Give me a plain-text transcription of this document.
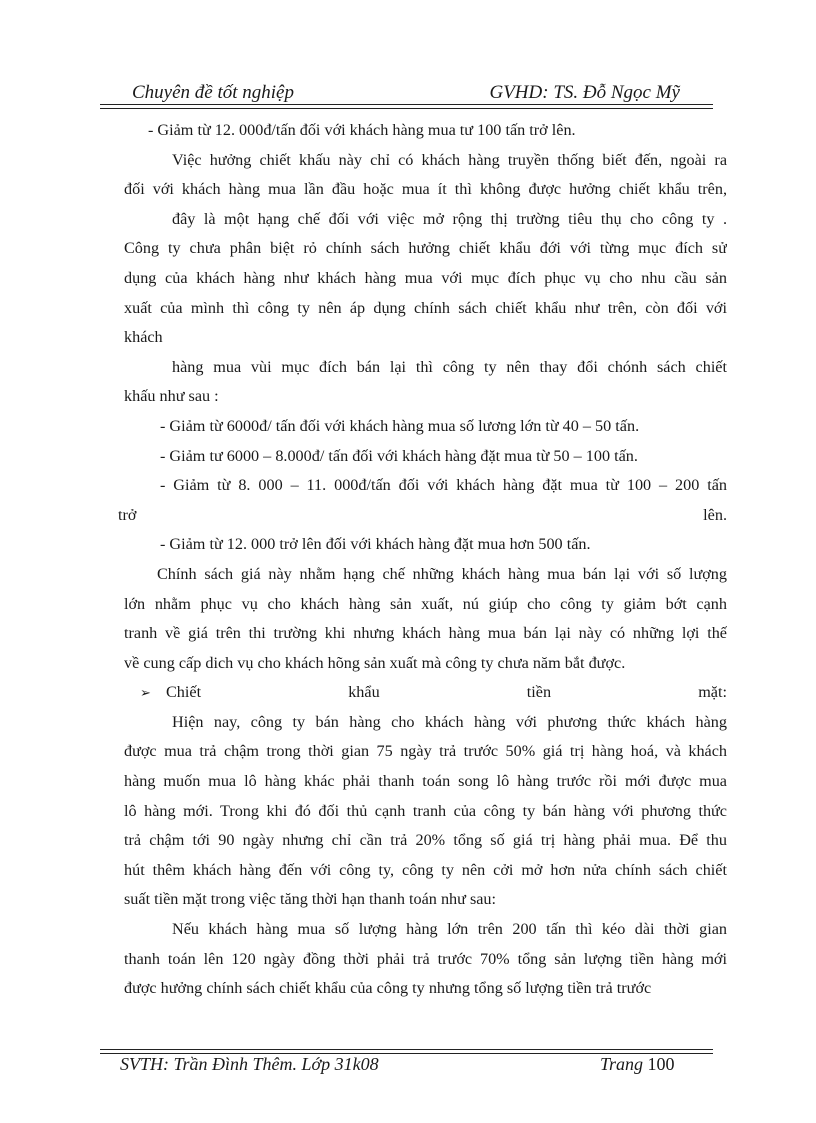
Chuyên đề tốt nghiệp	GVHD: TS. Đỗ Ngọc Mỹ
- Giảm từ 12. 000đ/tấn đối với khách hàng mua tư 100 tấn trở lên.
Việc hưởng chiết khấu này chỉ có khách hàng truyền thống biết đến, ngoài ra
đối với khách hàng mua lần đầu hoặc mua ít thì không được hưởng chiết khẩu trên,
đây là một hạng chế đối với việc mở rộng thị trường tiêu thụ cho công ty .
Công ty chưa phân biệt rỏ chính sách hưởng chiết khẩu đới với từng mục đích sử
dụng của khách hàng như khách hàng mua với mục đích phục vụ cho nhu cầu sản
xuất của mình thì công ty nên áp dụng chính sách chiết khẩu như trên, còn đối với
khách
hàng mua vùi mục đích bán lại thì công ty nên thay đổi chónh sách chiết
khấu như sau :
- Giảm từ 6000đ/ tấn đối với khách hàng mua số lương lớn từ 40 – 50 tấn.
- Giảm tư 6000 – 8.000đ/ tấn đối với khách hàng đặt mua từ 50 – 100 tấn.
- Giảm từ 8. 000 – 11. 000đ/tấn đối với khách hàng đặt mua từ 100 – 200 tấn
trở	lên.
- Giảm từ 12. 000 trở lên đối với khách hàng đặt mua hơn 500 tấn.
Chính sách giá này nhằm hạng chế những khách hàng mua bán lại với số lượng
lớn nhằm phục vụ cho khách hàng sản xuất, nú giúp cho công ty giảm bớt cạnh
tranh về giá trên thi trường khi nhưng khách hàng mua bán lại này có những lợi thế
về cung cấp dich vụ cho khách hõng sản xuất mà công ty chưa năm bắt được.
➢ Chiết khẩu tiền mặt:
Hiện nay, công ty bán hàng cho khách hàng với phương thức khách hàng
được mua trả chậm trong thời gian 75 ngày trả trước 50% giá trị hàng hoá, và khách
hàng muốn mua lô hàng khác phải thanh toán song lô hàng trước rồi mới được mua
lô hàng mới. Trong khi đó đối thủ cạnh tranh của công ty bán hàng với phương thức
trả chậm tới 90 ngày nhưng chỉ cần trả 20% tổng số giá trị hàng phải mua. Để thu
hút thêm khách hàng đến với công ty, công ty nên cởi mở hơn nửa chính sách chiết
suất tiền mặt trong việc tăng thời hạn thanh toán như sau:
Nếu khách hàng mua số lượng hàng lớn trên 200 tấn thì kéo dài thời gian
thanh toán lên 120 ngày đồng thời phải trả trước 70% tổng sản lượng tiền hàng mới
được hưởng chính sách chiết khẩu của công ty nhưng tổng số lượng tiền trả trước
SVTH: Trần Đình Thêm. Lớp 31k08	Trang 100
